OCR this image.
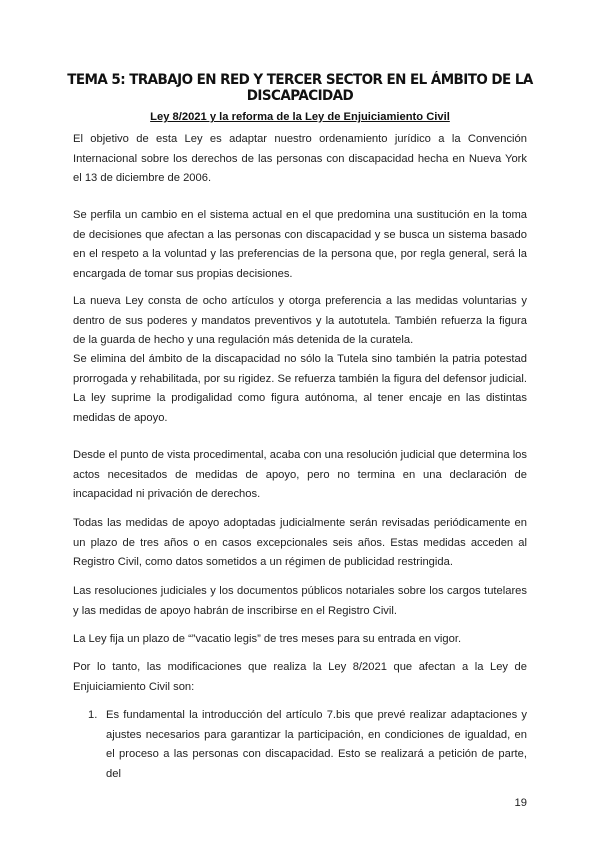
TEMA 5: TRABAJO EN RED Y TERCER SECTOR EN EL ÁMBITO DE LA DISCAPACIDAD
Ley 8/2021 y la reforma de la Ley de Enjuiciamiento Civil

El objetivo de esta Ley es adaptar nuestro ordenamiento jurídico a la Convención Internacional sobre los derechos de las personas con discapacidad hecha en Nueva York el 13 de diciembre de 2006.

Se perfila un cambio en el sistema actual en el que predomina una sustitución en la toma de decisiones que afectan a las personas con discapacidad y se busca un sistema basado en el respeto a la voluntad y las preferencias de la persona que, por regla general, será la encargada de tomar sus propias decisiones.

La nueva Ley consta de ocho artículos y otorga preferencia a las medidas voluntarias y dentro de sus poderes y mandatos preventivos y la autotutela. También refuerza la figura de la guarda de hecho y una regulación más detenida de la curatela.

Se elimina del ámbito de la discapacidad no sólo la Tutela sino también la patria potestad prorrogada y rehabilitada, por su rigidez. Se refuerza también la figura del defensor judicial. La ley suprime la prodigalidad como figura autónoma, al tener encaje en las distintas medidas de apoyo.

Desde el punto de vista procedimental, acaba con una resolución judicial que determina los actos necesitados de medidas de apoyo, pero no termina en una declaración de incapacidad ni privación de derechos.

Todas las medidas de apoyo adoptadas judicialmente serán revisadas periódicamente en un plazo de tres años o en casos excepcionales seis años. Estas medidas acceden al Registro Civil, como datos sometidos a un régimen de publicidad restringida.

Las resoluciones judiciales y los documentos públicos notariales sobre los cargos tutelares y las medidas de apoyo habrán de inscribirse en el Registro Civil.

La Ley fija un plazo de “”vacatio legis” de tres meses para su entrada en vigor.

Por lo tanto, las modificaciones que realiza la Ley 8/2021 que afectan a la Ley de Enjuiciamiento Civil son:

1. Es fundamental la introducción del artículo 7.bis que prevé realizar adaptaciones y ajustes necesarios para garantizar la participación, en condiciones de igualdad, en el proceso a las personas con discapacidad. Esto se realizará a petición de parte, del
19
